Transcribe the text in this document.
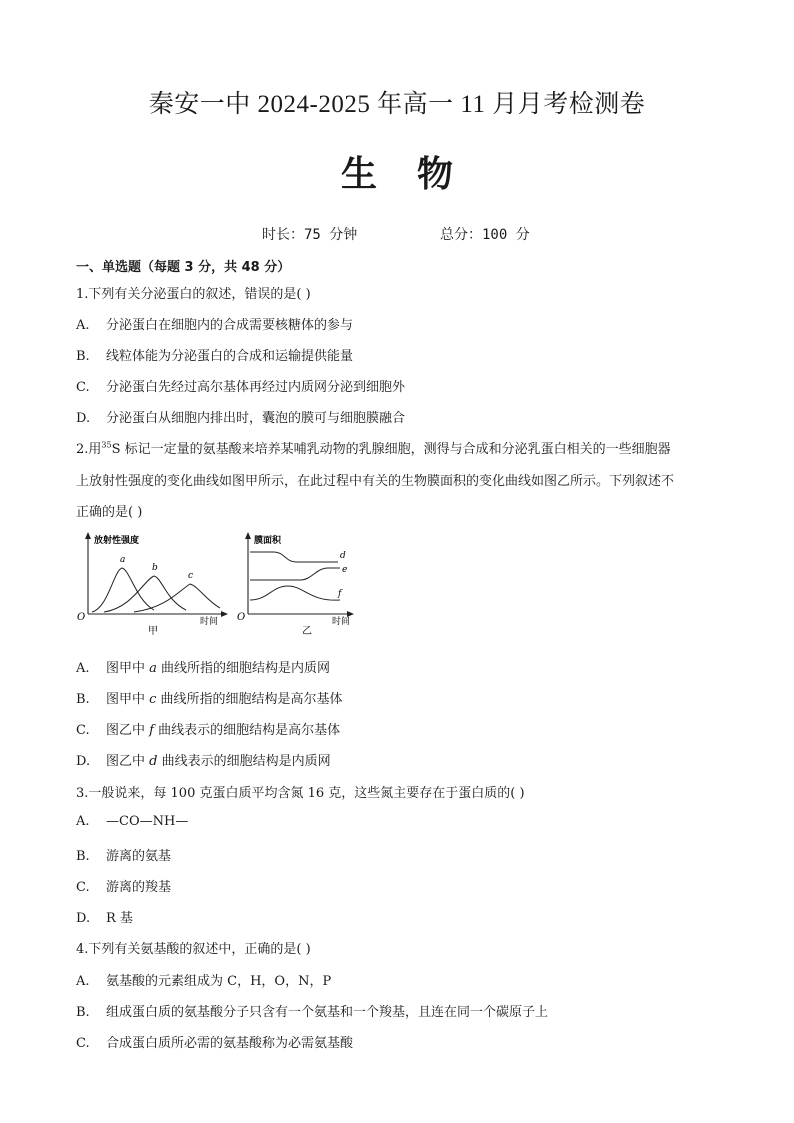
秦安一中 2024-2025 年高一 11 月月考检测卷
生物
时长：75 分钟	总分：100 分
一、单选题（每题 3 分，共 48 分）
1.下列有关分泌蛋白的叙述，错误的是( )
A. 分泌蛋白在细胞内的合成需要核糖体的参与
B. 线粒体能为分泌蛋白的合成和运输提供能量
C. 分泌蛋白先经过高尔基体再经过内质网分泌到细胞外
D. 分泌蛋白从细胞内排出时，囊泡的膜可与细胞膜融合
2.用$^{35}$S 标记一定量的氨基酸来培养某哺乳动物的乳腺细胞，测得与合成和分泌乳蛋白相关的一些细胞器
上放射性强度的变化曲线如图甲所示，在此过程中有关的生物膜面积的变化曲线如图乙所示。下列叙述不
正确的是( )
放射性强度
O	时间
甲
a
b
c
膜面积
O	时间
乙
d
e
f
A. 图甲中 a 曲线所指的细胞结构是内质网
B. 图甲中 c 曲线所指的细胞结构是高尔基体
C. 图乙中 f 曲线表示的细胞结构是高尔基体
D. 图乙中 d 曲线表示的细胞结构是内质网
3.一般说来，每 100 克蛋白质平均含氮 16 克，这些氮主要存在于蛋白质的( )
A. —CO—NH—
B. 游离的氨基
C. 游离的羧基
D. R 基
4.下列有关氨基酸的叙述中，正确的是( )
A. 氨基酸的元素组成为 C，H，O，N，P
B. 组成蛋白质的氨基酸分子只含有一个氨基和一个羧基，且连在同一个碳原子上
C. 合成蛋白质所必需的氨基酸称为必需氨基酸
